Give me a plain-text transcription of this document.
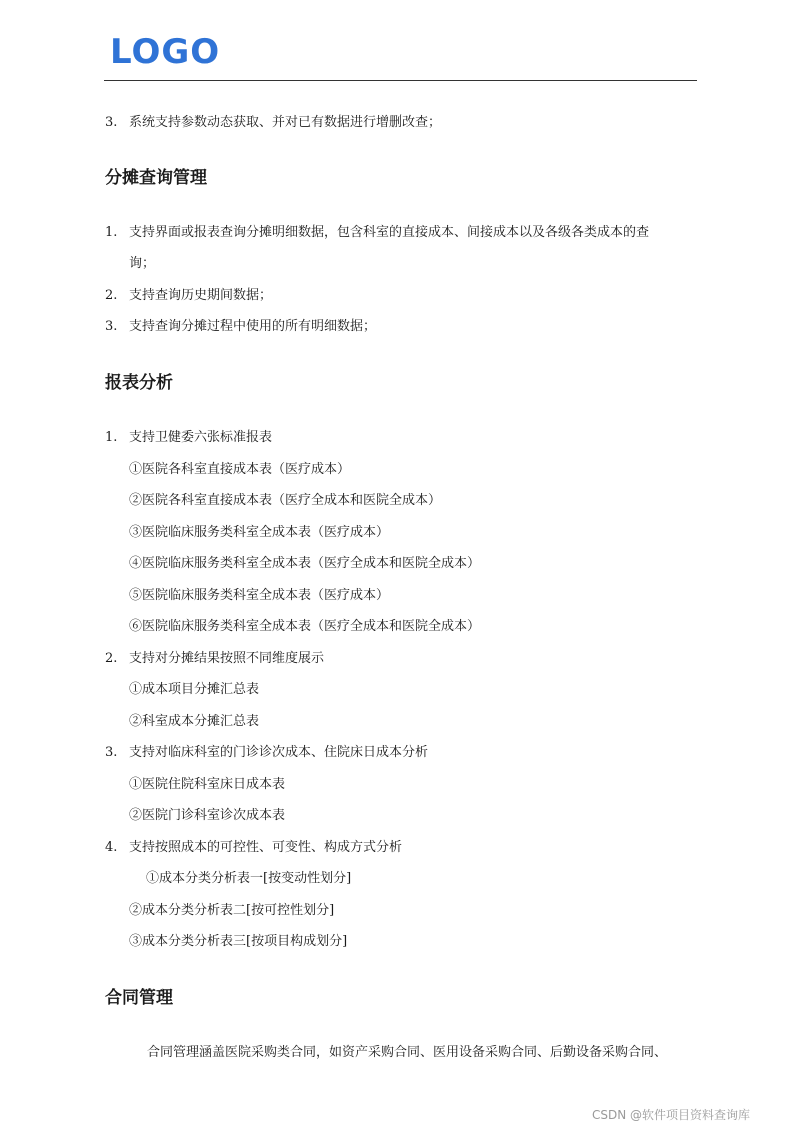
LOGO
3. 系统支持参数动态获取、并对已有数据进行增删改查；
分摊查询管理
1. 支持界面或报表查询分摊明细数据，包含科室的直接成本、间接成本以及各级各类成本的查
询；
2. 支持查询历史期间数据；
3. 支持查询分摊过程中使用的所有明细数据；
报表分析
1. 支持卫健委六张标准报表
①医院各科室直接成本表（医疗成本）
②医院各科室直接成本表（医疗全成本和医院全成本）
③医院临床服务类科室全成本表（医疗成本）
④医院临床服务类科室全成本表（医疗全成本和医院全成本）
⑤医院临床服务类科室全成本表（医疗成本）
⑥医院临床服务类科室全成本表（医疗全成本和医院全成本）
2. 支持对分摊结果按照不同维度展示
①成本项目分摊汇总表
②科室成本分摊汇总表
3. 支持对临床科室的门诊诊次成本、住院床日成本分析
①医院住院科室床日成本表
②医院门诊科室诊次成本表
4. 支持按照成本的可控性、可变性、构成方式分析
①成本分类分析表一[按变动性划分]
②成本分类分析表二[按可控性划分]
③成本分类分析表三[按项目构成划分]
合同管理
合同管理涵盖医院采购类合同，如资产采购合同、医用设备采购合同、后勤设备采购合同、
CSDN @软件项目资料查询库
